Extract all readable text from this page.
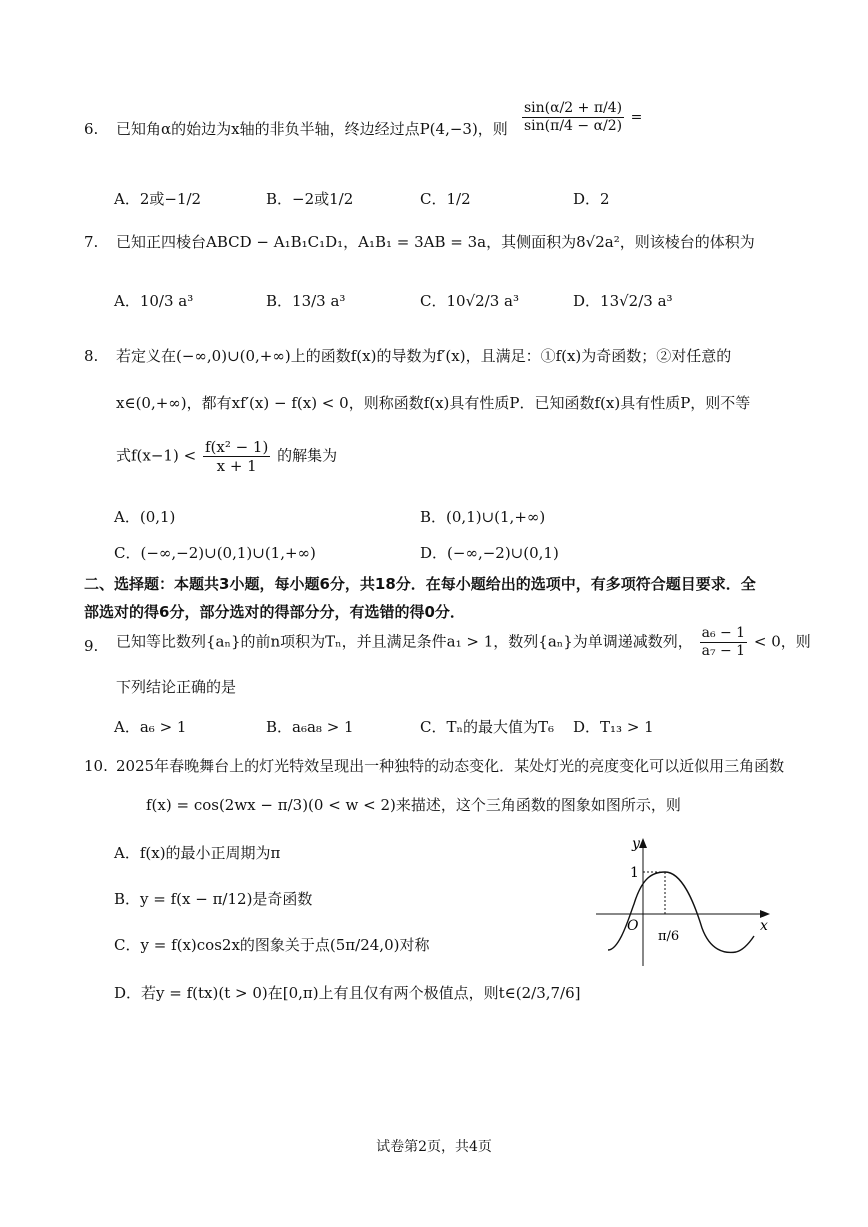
6. 已知角α的始边为x轴的非负半轴，终边经过点P(4,−3)，则 $\frac{\sin(\alpha/2 + \pi/4)}{\sin(\pi/4 - \alpha/2)}$ =
A．2或−1/2	B．−2或1/2	C．1/2	D．2
7. 已知正四棱台ABCD − A₁B₁C₁D₁，A₁B₁ = 3AB = 3a，其侧面积为8√2a²，则该棱台的体积为
A．10/3 a³	B．13/3 a³	C．10√2/3 a³	D．13√2/3 a³
8. 若定义在(−∞,0)∪(0,+∞)上的函数f(x)的导数为f′(x)，且满足：①f(x)为奇函数；②对任意的
x∈(0,+∞)，都有xf′(x) − f(x) < 0，则称函数f(x)具有性质P．已知函数f(x)具有性质P，则不等
式$f(x-1) < \frac{\text{f(x² − 1)}}{x + 1}$ 的解集为
A．(0,1)	B．(0,1)∪(1,+∞)
C．(−∞,−2)∪(0,1)∪(1,+∞)	D．(−∞,−2)∪(0,1)
二、选择题：本题共3小题，每小题6分，共18分．在每小题给出的选项中，有多项符合题目要求．全
部选对的得6分，部分选对的得部分分，有选错的得0分．
9. 已知等比数列{aₙ}的前n项积为Tₙ，并且满足条件a₁ > 1，数列{aₙ}为单调递减数列， $\frac{\text{a₆ − 1}}{\text{a₇ − 1}} < 0$，则
下列结论正确的是
A．a₆ > 1	B．a₆a₈ > 1	C．Tₙ的最大值为T₆ D．T₁₃ > 1
10. 2025年春晚舞台上的灯光特效呈现出一种独特的动态变化．某处灯光的亮度变化可以近似用三角函数
f(x) = cos(2wx − π/3)(0 < w < 2)来描述，这个三角函数的图象如图所示，则
A．f(x)的最小正周期为π
B．y = f(x − π/12)是奇函数
C．y = f(x)cos2x的图象关于点(5π/24,0)对称
D．若y = f(tx)(t > 0)在[0,π)上有且仅有两个极值点，则t∈(2/3,7/6]
y
x
O
1
π/6
试卷第2页，共4页
